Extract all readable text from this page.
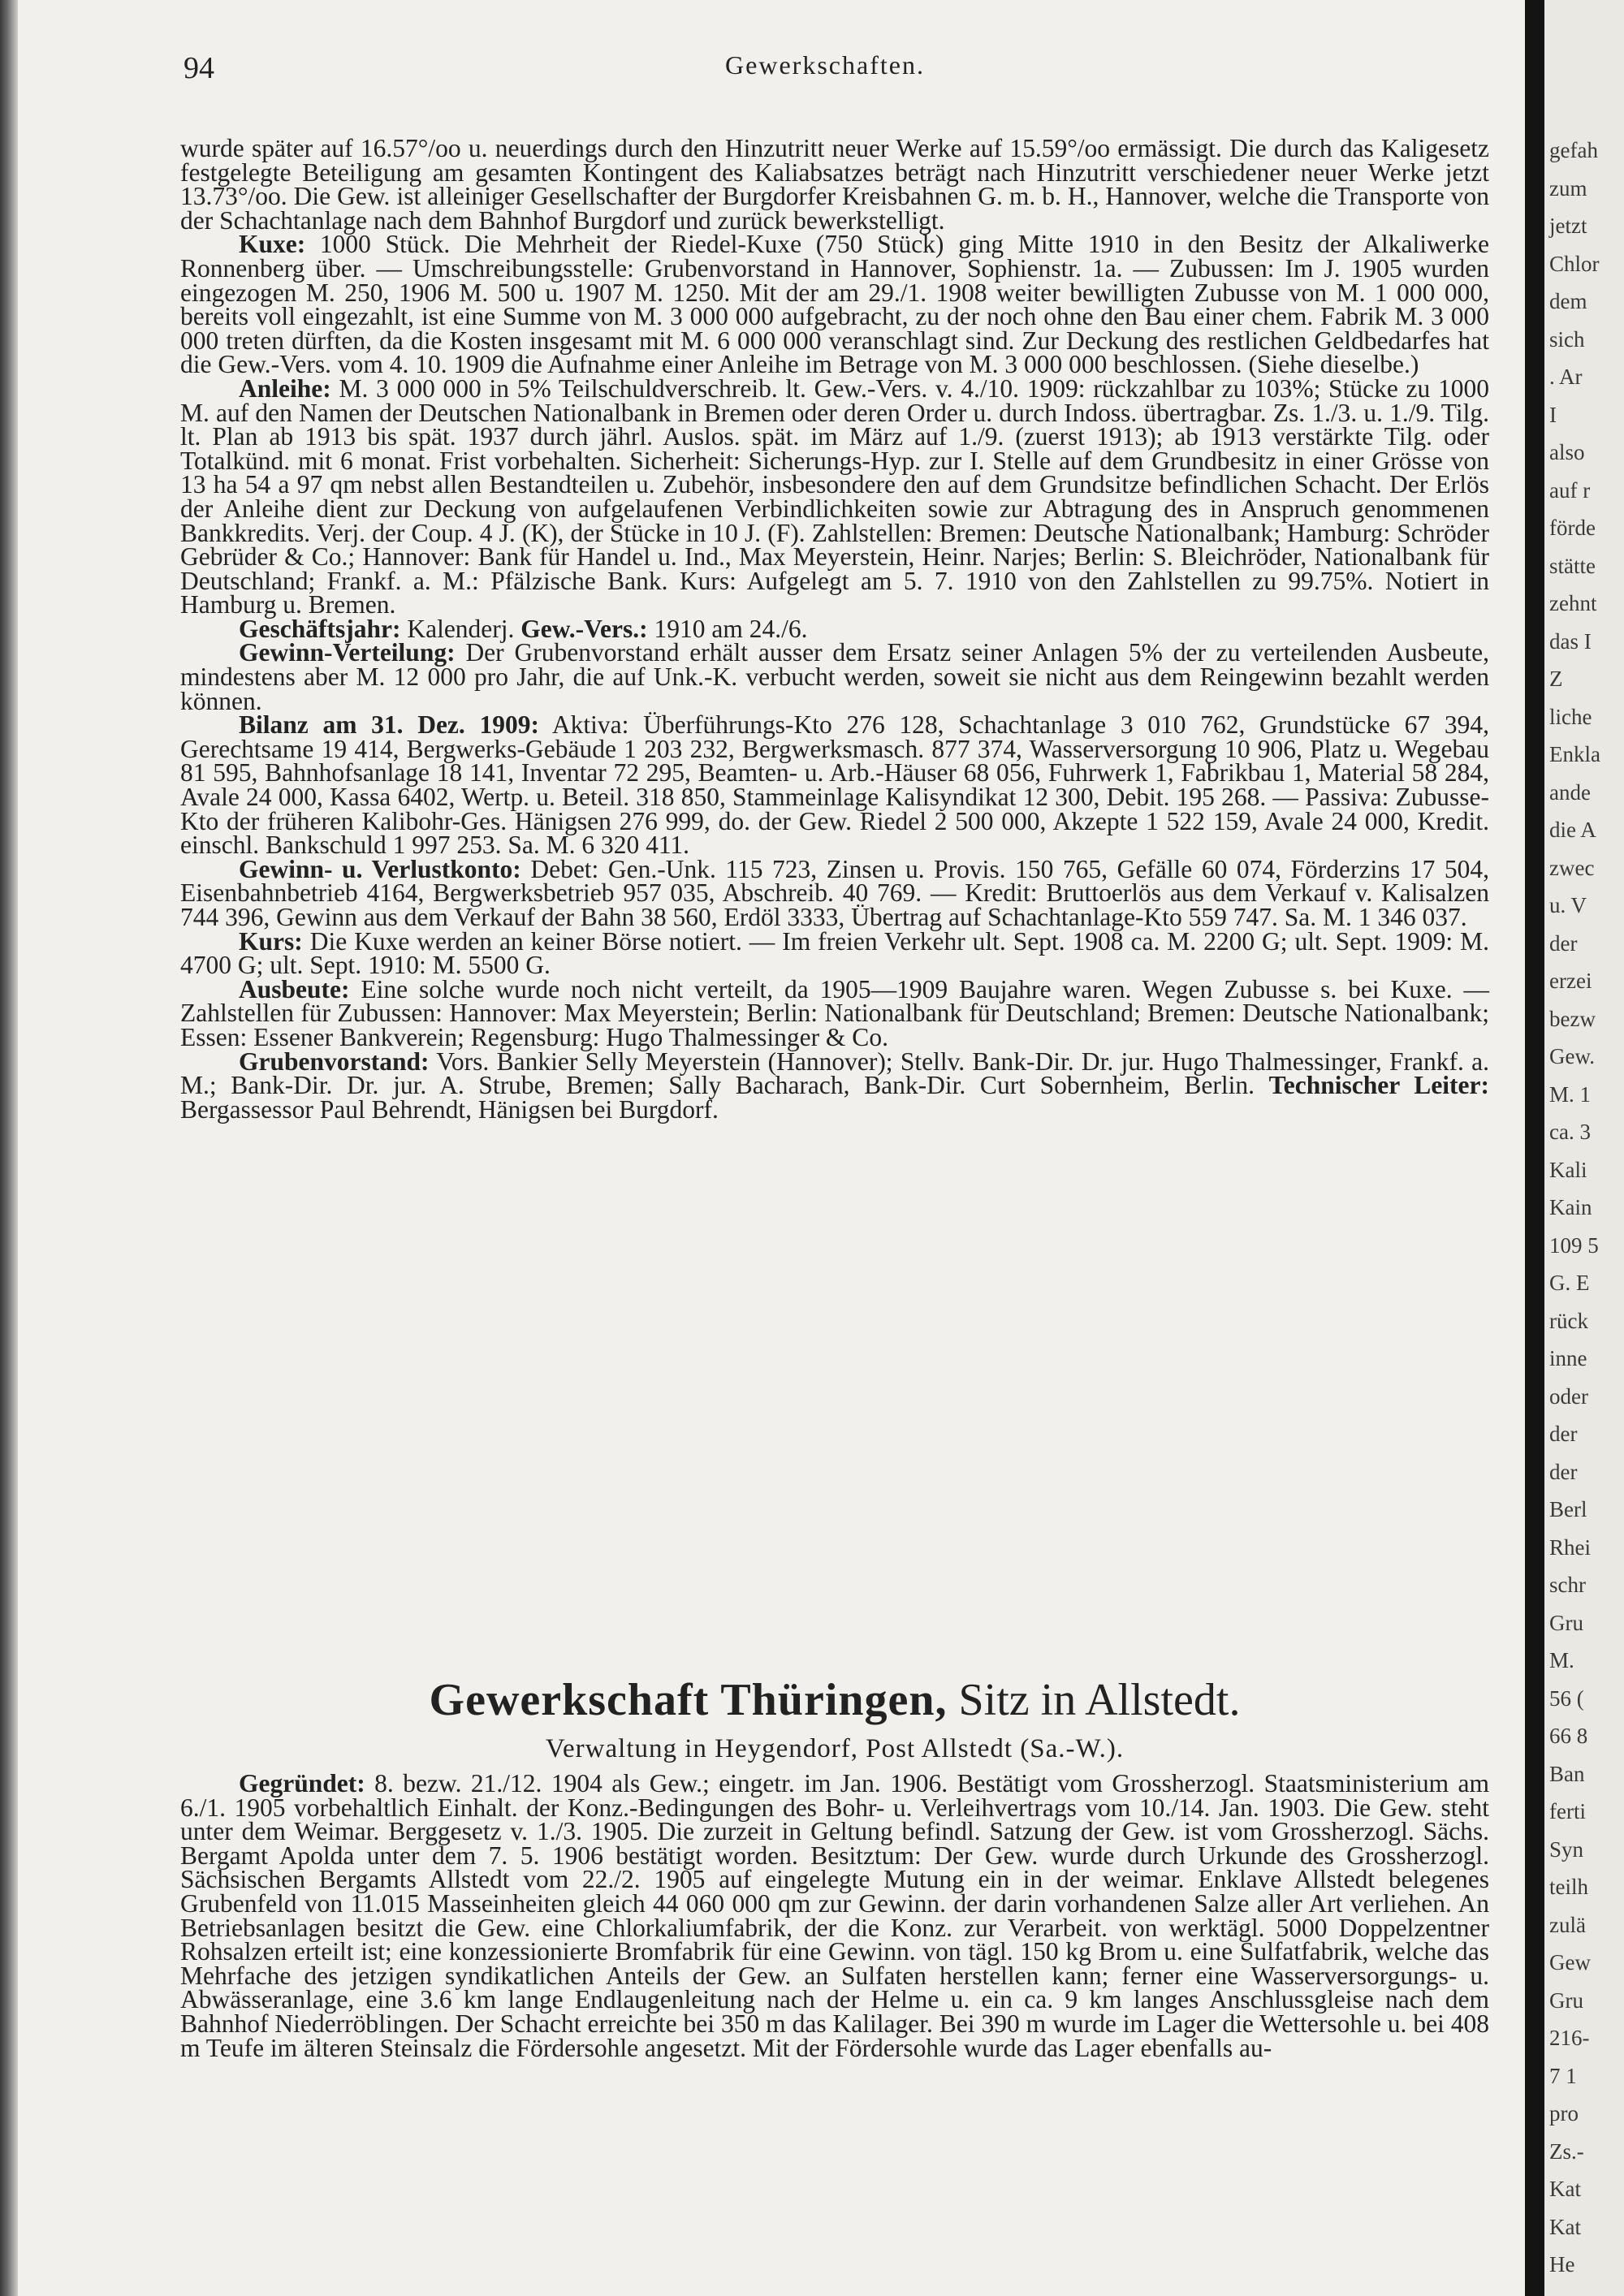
94	Gewerkschaften.

wurde später auf 16.57°/oo u. neuerdings durch den Hinzutritt neuer Werke auf 15.59°/oo ermässigt. Die durch das Kaligesetz festgelegte Beteiligung am gesamten Kontingent des Kaliabsatzes beträgt nach Hinzutritt verschiedener neuer Werke jetzt 13.73°/oo. Die Gew. ist alleiniger Gesellschafter der Burgdorfer Kreisbahnen G. m. b. H., Hannover, welche die Transporte von der Schachtanlage nach dem Bahnhof Burgdorf und zurück bewerkstelligt.

Kuxe: 1000 Stück. Die Mehrheit der Riedel-Kuxe (750 Stück) ging Mitte 1910 in den Besitz der Alkaliwerke Ronnenberg über. — Umschreibungsstelle: Grubenvorstand in Hannover, Sophienstr. 1a. — Zubussen: Im J. 1905 wurden eingezogen M. 250, 1906 M. 500 u. 1907 M. 1250. Mit der am 29./1. 1908 weiter bewilligten Zubusse von M. 1 000 000, bereits voll eingezahlt, ist eine Summe von M. 3 000 000 aufgebracht, zu der noch ohne den Bau einer chem. Fabrik M. 3 000 000 treten dürften, da die Kosten insgesamt mit M. 6 000 000 veranschlagt sind. Zur Deckung des restlichen Geldbedarfes hat die Gew.-Vers. vom 4. 10. 1909 die Aufnahme einer Anleihe im Betrage von M. 3 000 000 beschlossen. (Siehe dieselbe.)

Anleihe: M. 3 000 000 in 5% Teilschuldverschreib. lt. Gew.-Vers. v. 4./10. 1909: rückzahlbar zu 103%; Stücke zu 1000 M. auf den Namen der Deutschen Nationalbank in Bremen oder deren Order u. durch Indoss. übertragbar. Zs. 1./3. u. 1./9. Tilg. lt. Plan ab 1913 bis spät. 1937 durch jährl. Auslos. spät. im März auf 1./9. (zuerst 1913); ab 1913 verstärkte Tilg. oder Totalkünd. mit 6 monat. Frist vorbehalten. Sicherheit: Sicherungs-Hyp. zur I. Stelle auf dem Grundbesitz in einer Grösse von 13 ha 54 a 97 qm nebst allen Bestandteilen u. Zubehör, insbesondere den auf dem Grundsitze befindlichen Schacht. Der Erlös der Anleihe dient zur Deckung von aufgelaufenen Verbindlichkeiten sowie zur Abtragung des in Anspruch genommenen Bankkredits. Verj. der Coup. 4 J. (K), der Stücke in 10 J. (F). Zahlstellen: Bremen: Deutsche Nationalbank; Hamburg: Schröder Gebrüder & Co.; Hannover: Bank für Handel u. Ind., Max Meyerstein, Heinr. Narjes; Berlin: S. Bleichröder, Nationalbank für Deutschland; Frankf. a. M.: Pfälzische Bank. Kurs: Aufgelegt am 5. 7. 1910 von den Zahlstellen zu 99.75%. Notiert in Hamburg u. Bremen.

Geschäftsjahr: Kalenderj. Gew.-Vers.: 1910 am 24./6.

Gewinn-Verteilung: Der Grubenvorstand erhält ausser dem Ersatz seiner Anlagen 5% der zu verteilenden Ausbeute, mindestens aber M. 12 000 pro Jahr, die auf Unk.-K. verbucht werden, soweit sie nicht aus dem Reingewinn bezahlt werden können.

Bilanz am 31. Dez. 1909: Aktiva: Überführungs-Kto 276 128, Schachtanlage 3 010 762, Grundstücke 67 394, Gerechtsame 19 414, Bergwerks-Gebäude 1 203 232, Bergwerksmasch. 877 374, Wasserversorgung 10 906, Platz u. Wegebau 81 595, Bahnhofsanlage 18 141, Inventar 72 295, Beamten- u. Arb.-Häuser 68 056, Fuhrwerk 1, Fabrikbau 1, Material 58 284, Avale 24 000, Kassa 6402, Wertp. u. Beteil. 318 850, Stammeinlage Kalisyndikat 12 300, Debit. 195 268. — Passiva: Zubusse-Kto der früheren Kalibohr-Ges. Hänigsen 276 999, do. der Gew. Riedel 2 500 000, Akzepte 1 522 159, Avale 24 000, Kredit. einschl. Bankschuld 1 997 253. Sa. M. 6 320 411.

Gewinn- u. Verlustkonto: Debet: Gen.-Unk. 115 723, Zinsen u. Provis. 150 765, Gefälle 60 074, Förderzins 17 504, Eisenbahnbetrieb 4164, Bergwerksbetrieb 957 035, Abschreib. 40 769. — Kredit: Bruttoerlös aus dem Verkauf v. Kalisalzen 744 396, Gewinn aus dem Verkauf der Bahn 38 560, Erdöl 3333, Übertrag auf Schachtanlage-Kto 559 747. Sa. M. 1 346 037.

Kurs: Die Kuxe werden an keiner Börse notiert. — Im freien Verkehr ult. Sept. 1908 ca. M. 2200 G; ult. Sept. 1909: M. 4700 G; ult. Sept. 1910: M. 5500 G.

Ausbeute: Eine solche wurde noch nicht verteilt, da 1905—1909 Baujahre waren. Wegen Zubusse s. bei Kuxe. — Zahlstellen für Zubussen: Hannover: Max Meyerstein; Berlin: Nationalbank für Deutschland; Bremen: Deutsche Nationalbank; Essen: Essener Bankverein; Regensburg: Hugo Thalmessinger & Co.

Grubenvorstand: Vors. Bankier Selly Meyerstein (Hannover); Stellv. Bank-Dir. Dr. jur. Hugo Thalmessinger, Frankf. a. M.; Bank-Dir. Dr. jur. A. Strube, Bremen; Sally Bacharach, Bank-Dir. Curt Sobernheim, Berlin. Technischer Leiter: Bergassessor Paul Behrendt, Hänigsen bei Burgdorf.

Gewerkschaft Thüringen, Sitz in Allstedt.
Verwaltung in Heygendorf, Post Allstedt (Sa.-W.).

Gegründet: 8. bezw. 21./12. 1904 als Gew.; eingetr. im Jan. 1906. Bestätigt vom Grossherzogl. Staatsministerium am 6./1. 1905 vorbehaltlich Einhalt. der Konz.-Bedingungen des Bohr- u. Verleihvertrags vom 10./14. Jan. 1903. Die Gew. steht unter dem Weimar. Berggesetz v. 1./3. 1905. Die zurzeit in Geltung befindl. Satzung der Gew. ist vom Grossherzogl. Sächs. Bergamt Apolda unter dem 7. 5. 1906 bestätigt worden. Besitztum: Der Gew. wurde durch Urkunde des Grossherzogl. Sächsischen Bergamts Allstedt vom 22./2. 1905 auf eingelegte Mutung ein in der weimar. Enklave Allstedt belegenes Grubenfeld von 11.015 Masseinheiten gleich 44 060 000 qm zur Gewinn. der darin vorhandenen Salze aller Art verliehen. An Betriebsanlagen besitzt die Gew. eine Chlorkaliumfabrik, der die Konz. zur Verarbeit. von werktägl. 5000 Doppelzentner Rohsalzen erteilt ist; eine konzessionierte Bromfabrik für eine Gewinn. von tägl. 150 kg Brom u. eine Sulfatfabrik, welche das Mehrfache des jetzigen syndikatlichen Anteils der Gew. an Sulfaten herstellen kann; ferner eine Wasserversorgungs- u. Abwässeranlage, eine 3.6 km lange Endlaugenleitung nach der Helme u. ein ca. 9 km langes Anschlussgleise nach dem Bahnhof Niederröblingen. Der Schacht erreichte bei 350 m das Kalilager. Bei 390 m wurde im Lager die Wettersohle u. bei 408 m Teufe im älteren Steinsalz die Fördersohle angesetzt. Mit der Fördersohle wurde das Lager ebenfalls au-

gefah
zum
jetzt
Chlor
dem
sich
. Ar
I
also
auf r
förde
stätte
zehnt
das I
Z
liche
Enkla
ande
die A
zwec
u. V
der
erzei
bezw
Gew.
M. 1
ca. 3
Kali
Kain
109 5
G. E
rück
inne
oder
der
der
Berl
Rhei
schr
Gru
M.
56 (
66 8
Ban
ferti
Syn
teilh
zulä
Gew
Gru
216-
7 1
pro
Zs.-
Kat
Kat
He
